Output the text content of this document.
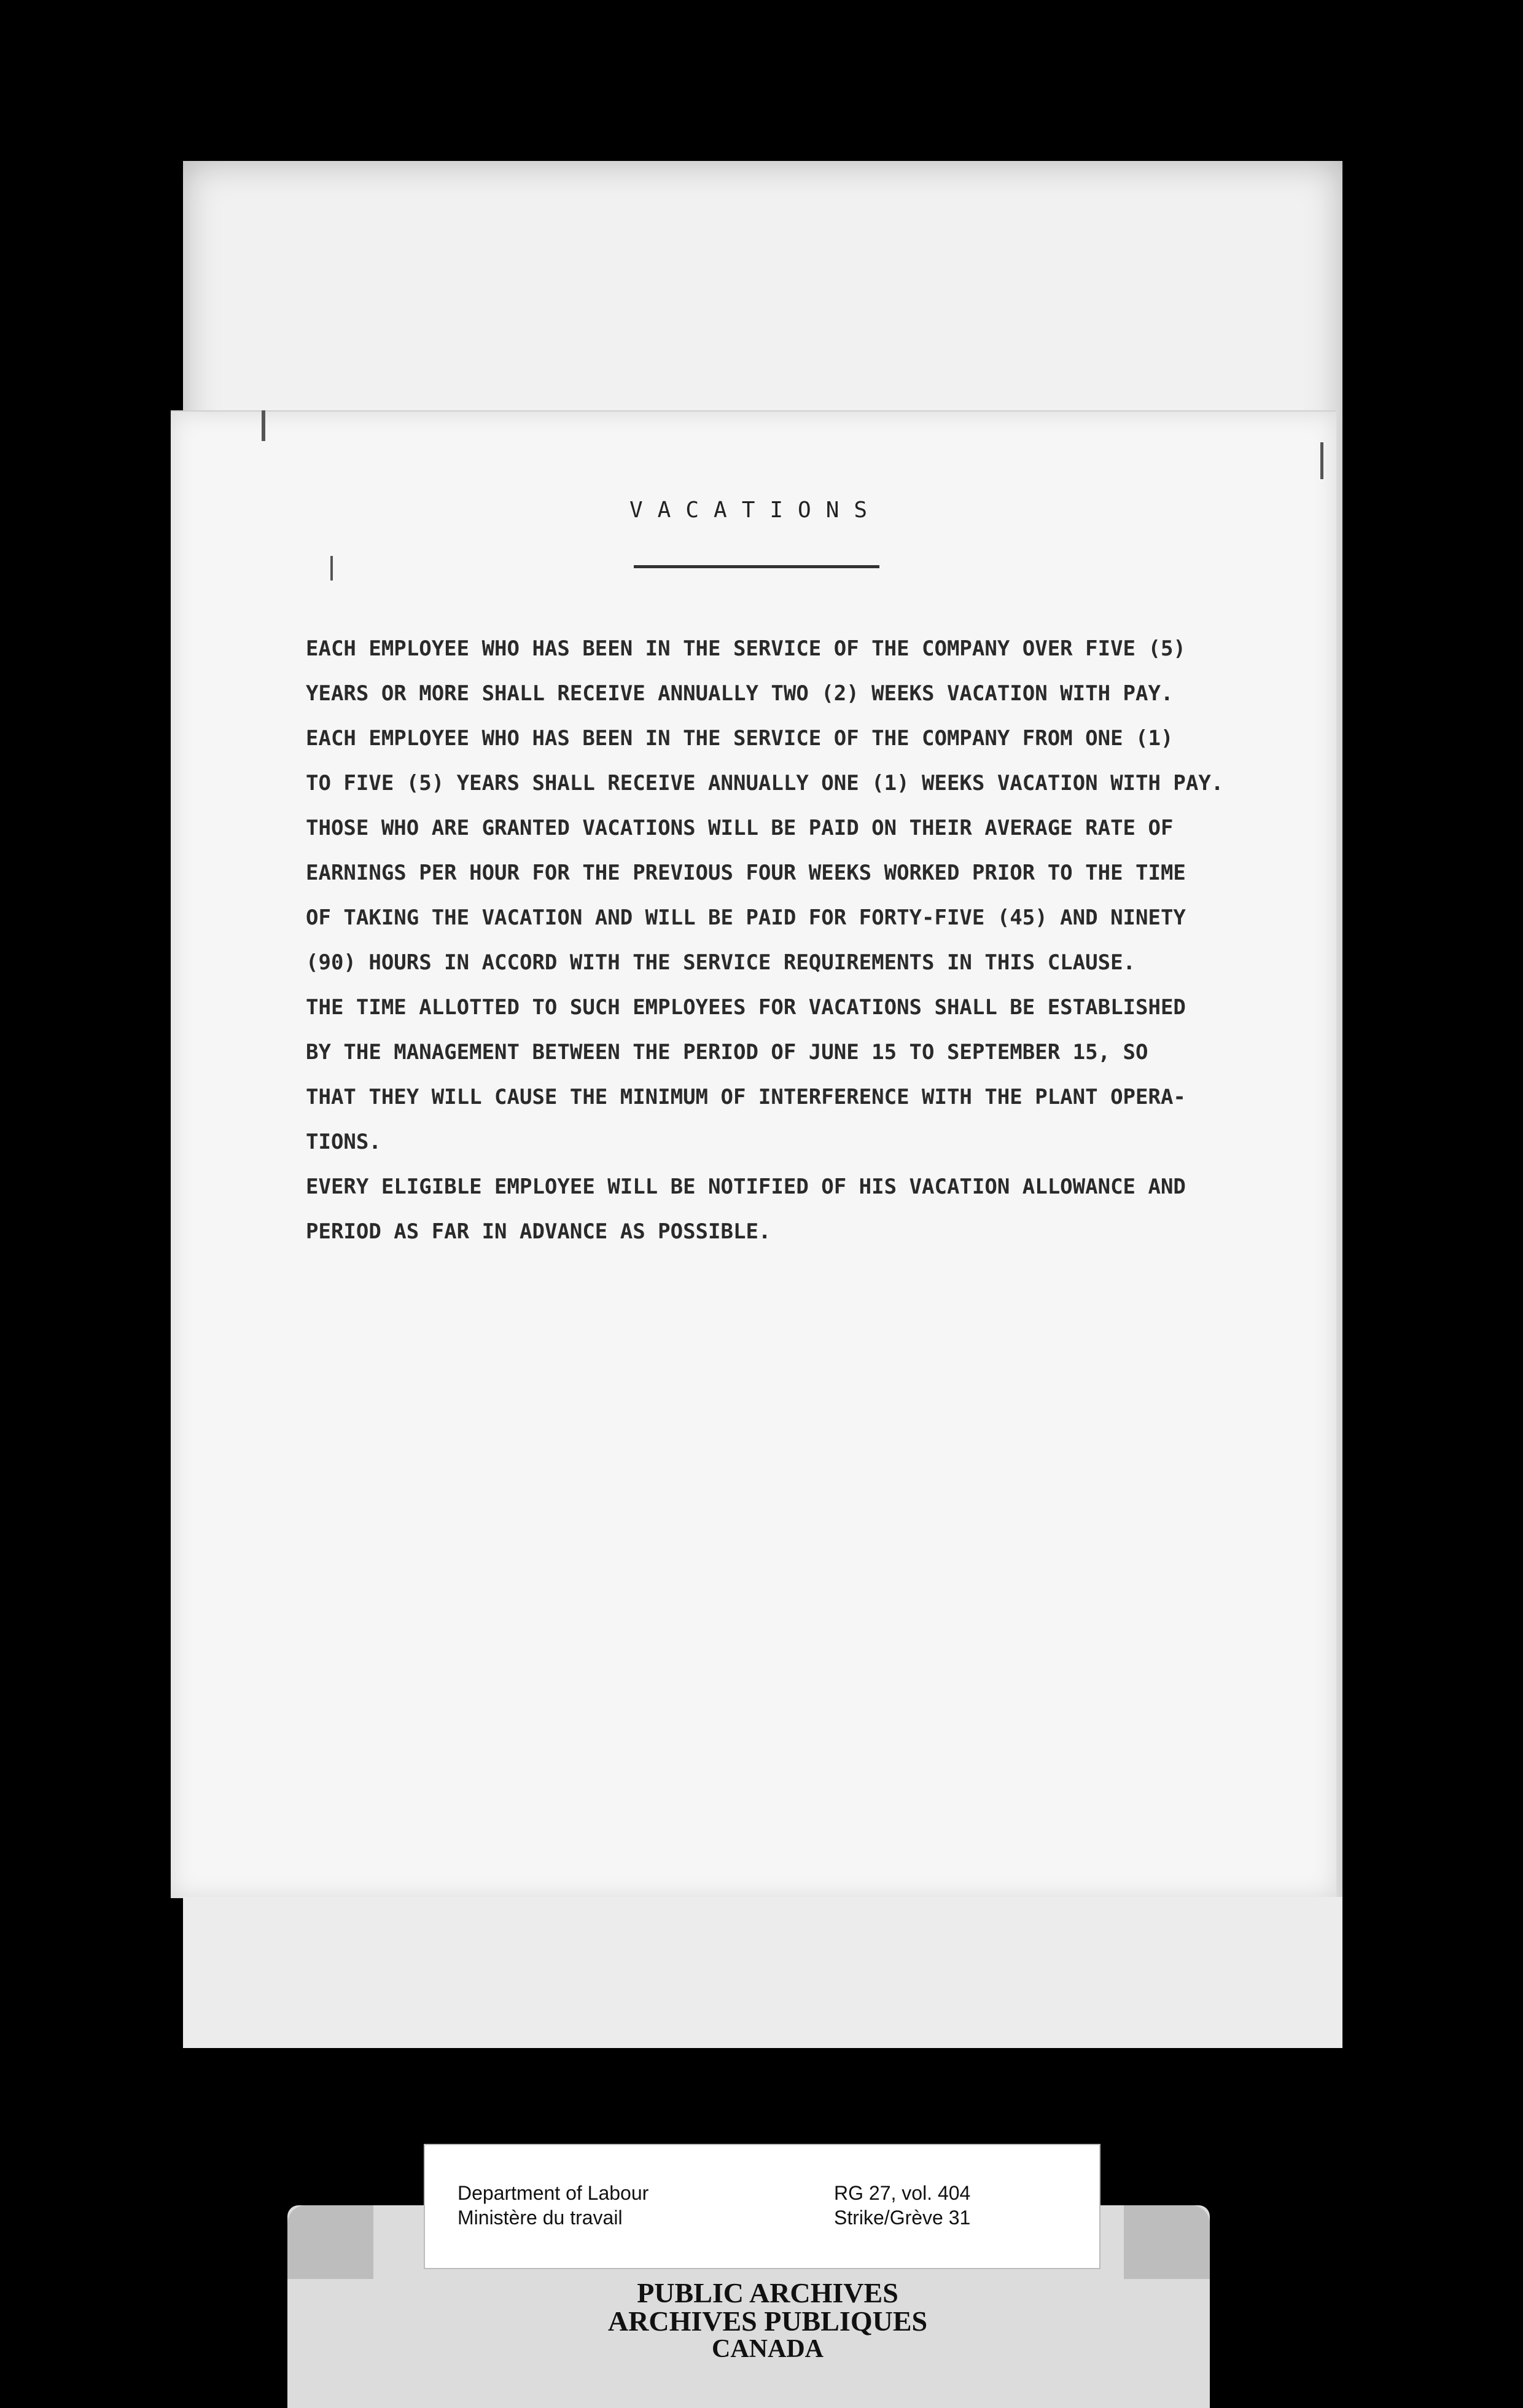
VACATIONS
EACH EMPLOYEE WHO HAS BEEN IN THE SERVICE OF THE COMPANY OVER FIVE (5)
YEARS OR MORE SHALL RECEIVE ANNUALLY TWO (2) WEEKS VACATION WITH PAY.
EACH EMPLOYEE WHO HAS BEEN IN THE SERVICE OF THE COMPANY FROM ONE (1)
TO FIVE (5) YEARS SHALL RECEIVE ANNUALLY ONE (1) WEEKS VACATION WITH PAY.
THOSE WHO ARE GRANTED VACATIONS WILL BE PAID ON THEIR AVERAGE RATE OF
EARNINGS PER HOUR FOR THE PREVIOUS FOUR WEEKS WORKED PRIOR TO THE TIME
OF TAKING THE VACATION AND WILL BE PAID FOR FORTY-FIVE (45) AND NINETY
(90) HOURS IN ACCORD WITH THE SERVICE REQUIREMENTS IN THIS CLAUSE.
THE TIME ALLOTTED TO SUCH EMPLOYEES FOR VACATIONS SHALL BE ESTABLISHED
BY THE MANAGEMENT BETWEEN THE PERIOD OF JUNE 15 TO SEPTEMBER 15, SO
THAT THEY WILL CAUSE THE MINIMUM OF INTERFERENCE WITH THE PLANT OPERA-
TIONS.
EVERY ELIGIBLE EMPLOYEE WILL BE NOTIFIED OF HIS VACATION ALLOWANCE AND
PERIOD AS FAR IN ADVANCE AS POSSIBLE.
Department of Labour
Ministère du travail
RG 27, vol. 404
Strike/Grève 31
PUBLIC ARCHIVES
ARCHIVES PUBLIQUES
CANADA
